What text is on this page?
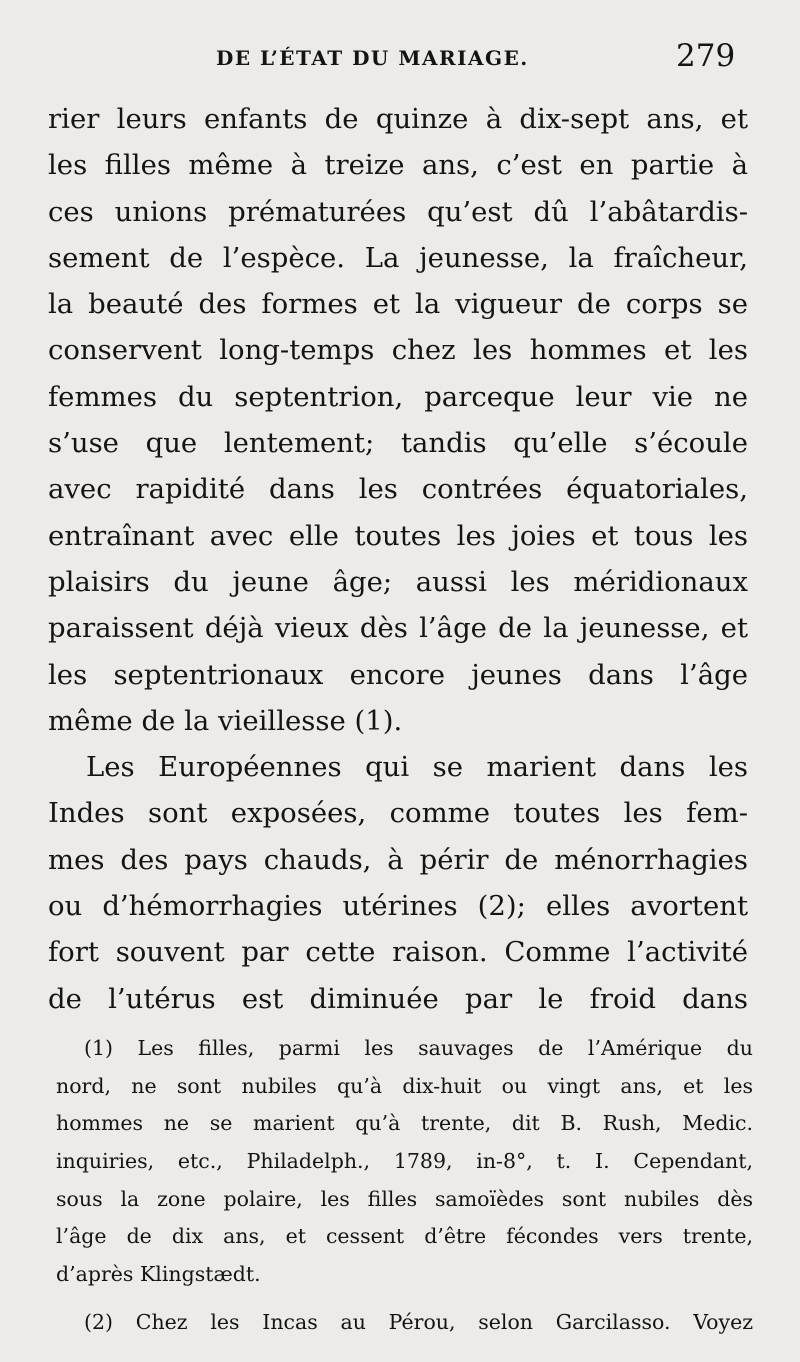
DE L’ÉTAT DU MARIAGE.	279
rier leurs enfants de quinze à dix-sept ans, et
les filles même à treize ans, c’est en partie à
ces unions prématurées qu’est dû l’abâtardis-
sement de l’espèce. La jeunesse, la fraîcheur,
la beauté des formes et la vigueur de corps se
conservent long-temps chez les hommes et les
femmes du septentrion, parceque leur vie ne
s’use que lentement; tandis qu’elle s’écoule
avec rapidité dans les contrées équatoriales,
entraînant avec elle toutes les joies et tous les
plaisirs du jeune âge; aussi les méridionaux
paraissent déjà vieux dès l’âge de la jeunesse, et
les septentrionaux encore jeunes dans l’âge
même de la vieillesse (1).
Les Européennes qui se marient dans les
Indes sont exposées, comme toutes les fem-
mes des pays chauds, à périr de ménorrhagies
ou d’hémorrhagies utérines (2); elles avortent
fort souvent par cette raison. Comme l’activité
de l’utérus est diminuée par le froid dans
(1) Les filles, parmi les sauvages de l’Amérique du
nord, ne sont nubiles qu’à dix-huit ou vingt ans, et les
hommes ne se marient qu’à trente, dit B. Rush, Medic.
inquiries, etc., Philadelph., 1789, in-8°, t. I. Cependant,
sous la zone polaire, les filles samoïèdes sont nubiles dès
l’âge de dix ans, et cessent d’être fécondes vers trente,
d’après Klingstædt.
(2) Chez les Incas au Pérou, selon Garcilasso. Voyez
